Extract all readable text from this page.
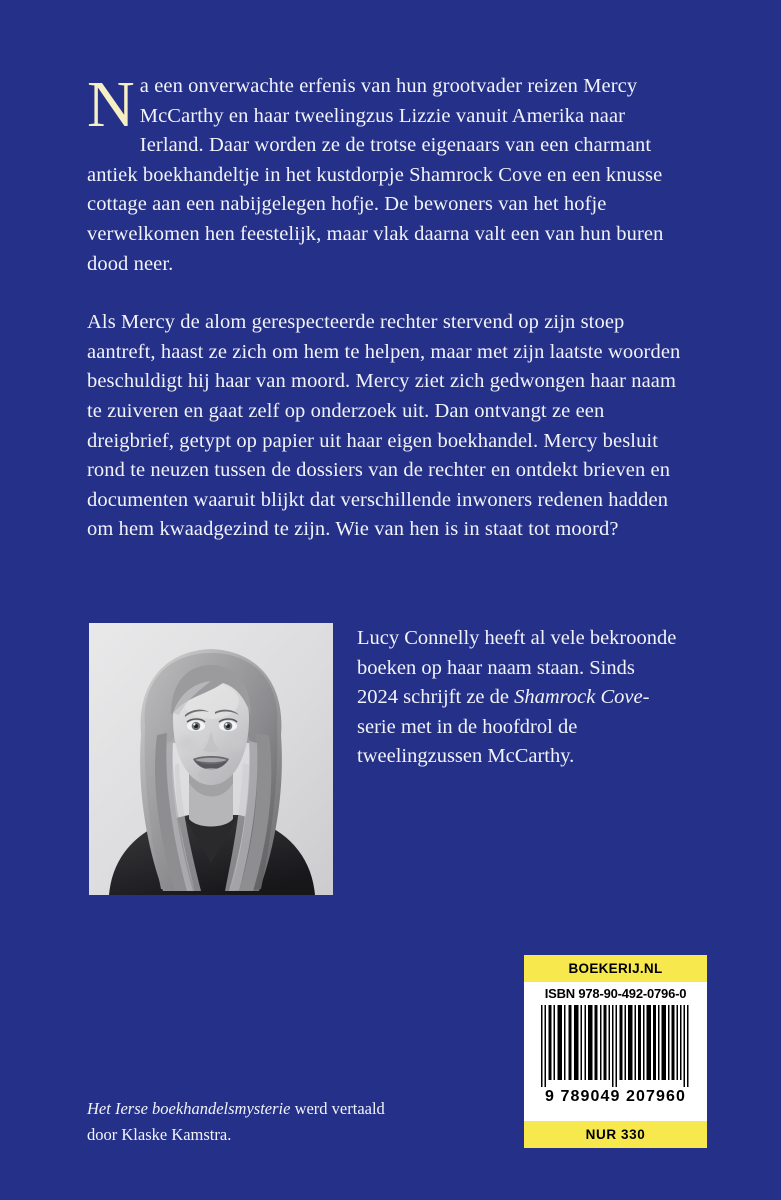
Na een onverwachte erfenis van hun grootvader reizen Mercy McCarthy en haar tweelingzus Lizzie vanuit Amerika naar Ierland. Daar worden ze de trotse eigenaars van een charmant antiek boekhandeltje in het kustdorpje Shamrock Cove en een knusse cottage aan een nabijgelegen hofje. De bewoners van het hofje verwelkomen hen feestelijk, maar vlak daarna valt een van hun buren dood neer.

Als Mercy de alom gerespecteerde rechter stervend op zijn stoep aantreft, haast ze zich om hem te helpen, maar met zijn laatste woorden beschuldigt hij haar van moord. Mercy ziet zich gedwongen haar naam te zuiveren en gaat zelf op onderzoek uit. Dan ontvangt ze een dreigbrief, getypt op papier uit haar eigen boekhandel. Mercy besluit rond te neuzen tussen de dossiers van de rechter en ontdekt brieven en documenten waaruit blijkt dat verschillende inwoners redenen hadden om hem kwaadgezind te zijn. Wie van hen is in staat tot moord?

Lucy Connelly heeft al vele bekroonde boeken op haar naam staan. Sinds 2024 schrijft ze de Shamrock Cove-serie met in de hoofdrol de tweelingzussen McCarthy.
Het Ierse boekhandelsmysterie werd vertaald door Klaske Kamstra.
BOEKERIJ.NL
ISBN 978-90-492-0796-0
9 789049 207960
NUR 330
